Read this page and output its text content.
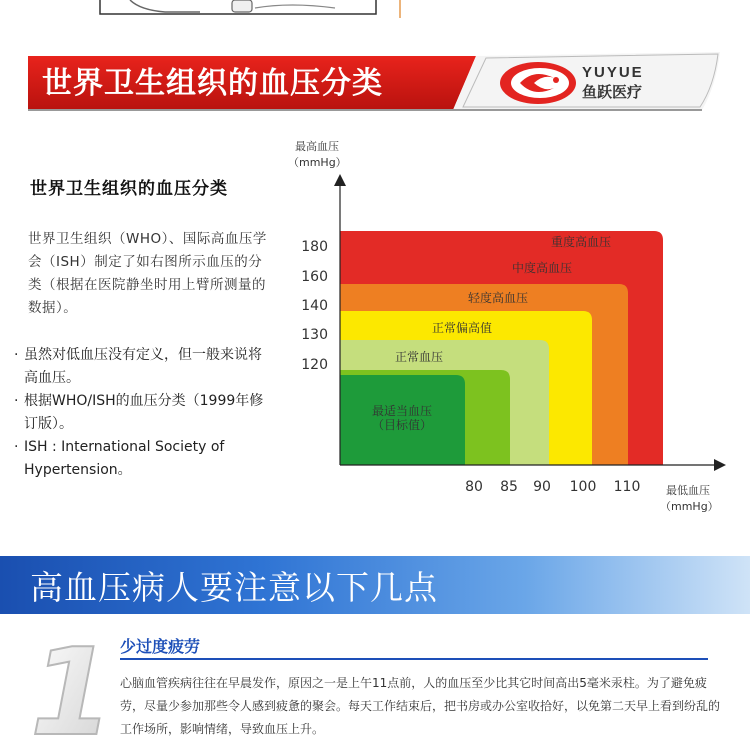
世界卫生组织的血压分类	YUYUE
鱼跃医疗
世界卫生组织的血压分类
世界卫生组织（WHO）、国际高血压学会（ISH）制定了如右图所示血压的分类（根据在医院静坐时用上臂所测量的数据）。
· 虽然对低血压没有定义，但一般来说将高血压。
· 根据WHO/ISH的血压分类（1999年修订版）。
· ISH : International Society of Hypertension。
最高血压
（mmHg）
最低血压
（mmHg）
180
160
140
130
120
80 85 90 100 110
重度高血压
中度高血压
轻度高血压
正常偏高值
正常血压
最适当血压
（目标值）
高血压病人要注意以下几点
1 少过度疲劳
心脑血管疾病往往在早晨发作，原因之一是上午11点前，人的血压至少比其它时间高出5毫米汞柱。为了避免疲劳，尽量少参加那些令人感到疲惫的聚会。每天工作结束后，把书房或办公室收拾好，以免第二天早上看到纷乱的工作场所，影响情绪，导致血压上升。
